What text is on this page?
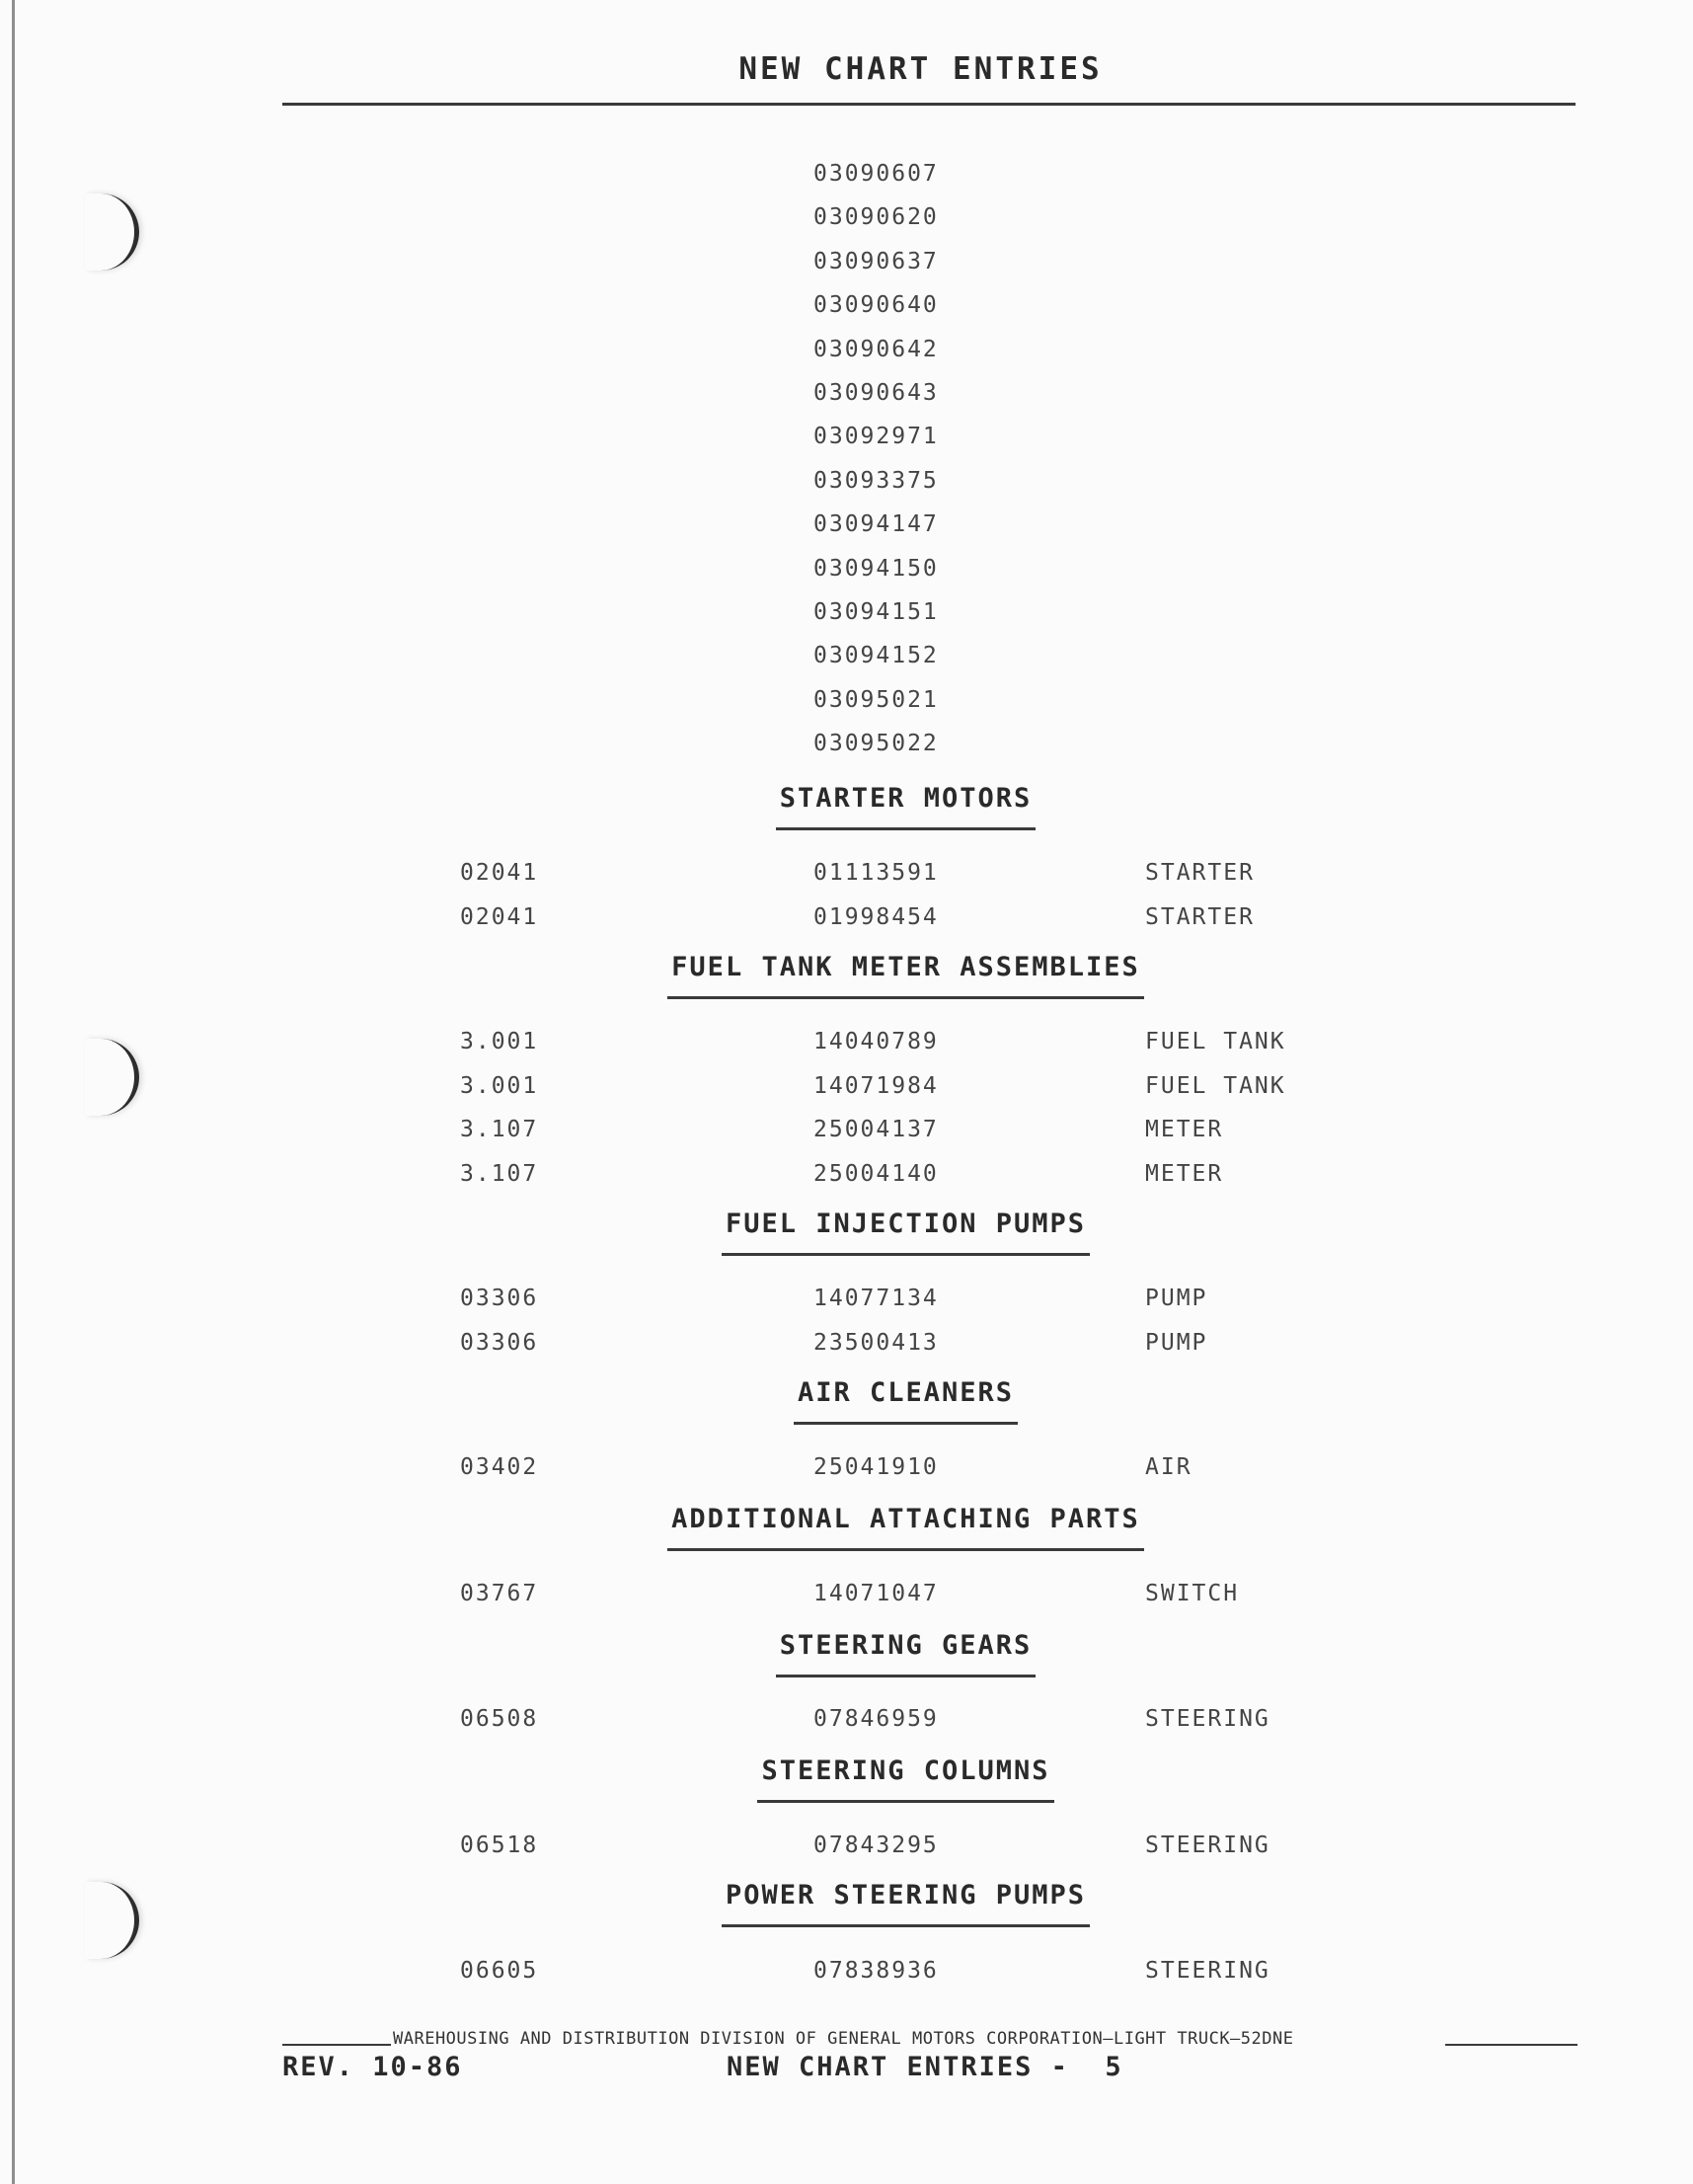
NEW CHART ENTRIES
03090607
03090620
03090637
03090640
03090642
03090643
03092971
03093375
03094147
03094150
03094151
03094152
03095021
03095022
STARTER MOTORS
02041	01113591	STARTER
02041	01998454	STARTER
FUEL TANK METER ASSEMBLIES
3.001	14040789	FUEL TANK
3.001	14071984	FUEL TANK
3.107	25004137	METER
3.107	25004140	METER
FUEL INJECTION PUMPS
03306	14077134	PUMP
03306	23500413	PUMP
AIR CLEANERS
03402	25041910	AIR
ADDITIONAL ATTACHING PARTS
03767	14071047	SWITCH
STEERING GEARS
06508	07846959	STEERING
STEERING COLUMNS
06518	07843295	STEERING
POWER STEERING PUMPS
06605	07838936	STEERING
WAREHOUSING AND DISTRIBUTION DIVISION OF GENERAL MOTORS CORPORATION—LIGHT TRUCK—52DNE
REV. 10-86	NEW CHART ENTRIES -  5
